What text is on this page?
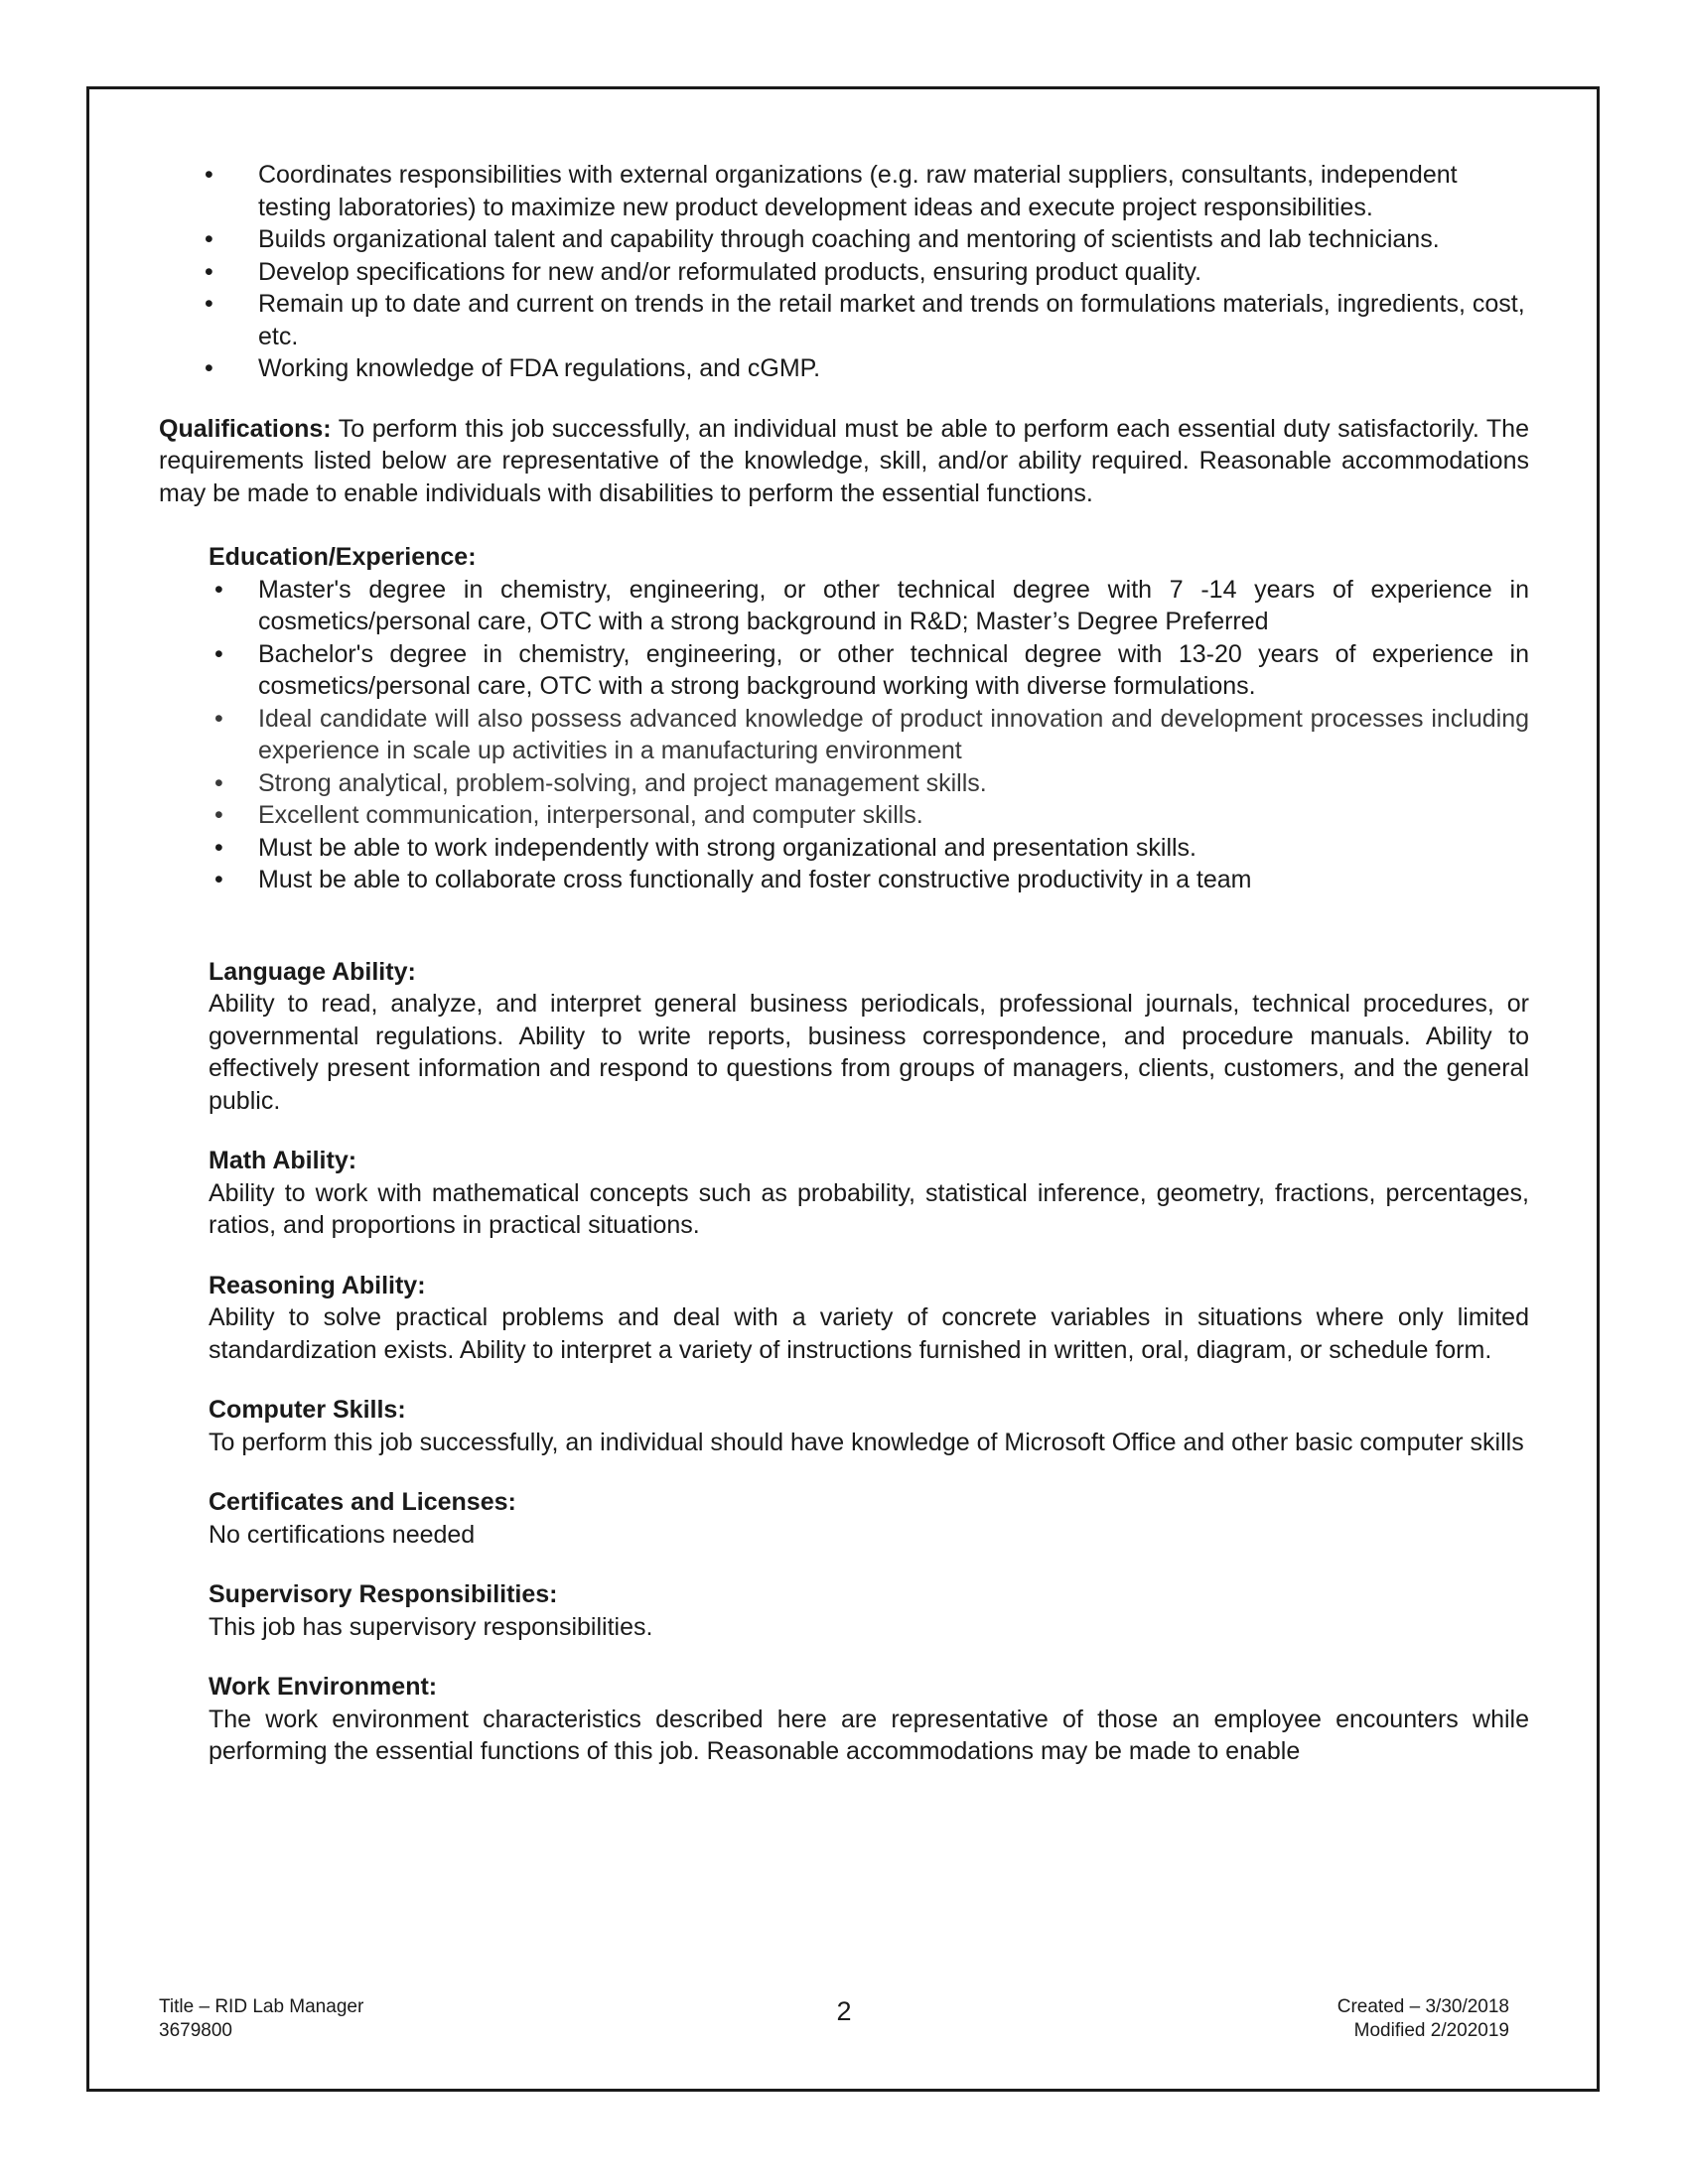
• Coordinates responsibilities with external organizations (e.g. raw material suppliers, consultants, independent testing laboratories) to maximize new product development ideas and execute project responsibilities.
• Builds organizational talent and capability through coaching and mentoring of scientists and lab technicians.
• Develop specifications for new and/or reformulated products, ensuring product quality.
• Remain up to date and current on trends in the retail market and trends on formulations materials, ingredients, cost, etc.
• Working knowledge of FDA regulations, and cGMP.

Qualifications: To perform this job successfully, an individual must be able to perform each essential duty satisfactorily. The requirements listed below are representative of the knowledge, skill, and/or ability required. Reasonable accommodations may be made to enable individuals with disabilities to perform the essential functions.

Education/Experience:
• Master's degree in chemistry, engineering, or other technical degree with 7 -14 years of experience in cosmetics/personal care, OTC with a strong background in R&D; Master’s Degree Preferred
• Bachelor's degree in chemistry, engineering, or other technical degree with 13-20 years of experience in cosmetics/personal care, OTC with a strong background working with diverse formulations.
• Ideal candidate will also possess advanced knowledge of product innovation and development processes including experience in scale up activities in a manufacturing environment
• Strong analytical, problem-solving, and project management skills.
• Excellent communication, interpersonal, and computer skills.
• Must be able to work independently with strong organizational and presentation skills.
• Must be able to collaborate cross functionally and foster constructive productivity in a team
Language Ability:
Ability to read, analyze, and interpret general business periodicals, professional journals, technical procedures, or governmental regulations. Ability to write reports, business correspondence, and procedure manuals. Ability to effectively present information and respond to questions from groups of managers, clients, customers, and the general public.
Math Ability:
Ability to work with mathematical concepts such as probability, statistical inference, geometry, fractions, percentages, ratios, and proportions in practical situations.
Reasoning Ability:
Ability to solve practical problems and deal with a variety of concrete variables in situations where only limited standardization exists. Ability to interpret a variety of instructions furnished in written, oral, diagram, or schedule form.
Computer Skills:
To perform this job successfully, an individual should have knowledge of Microsoft Office and other basic computer skills
Certificates and Licenses:
No certifications needed
Supervisory Responsibilities:
This job has supervisory responsibilities.
Work Environment:
The work environment characteristics described here are representative of those an employee encounters while performing the essential functions of this job. Reasonable accommodations may be made to enable
Title – RID Lab Manager
3679800
2	Created – 3/30/2018
Modified 2/202019
